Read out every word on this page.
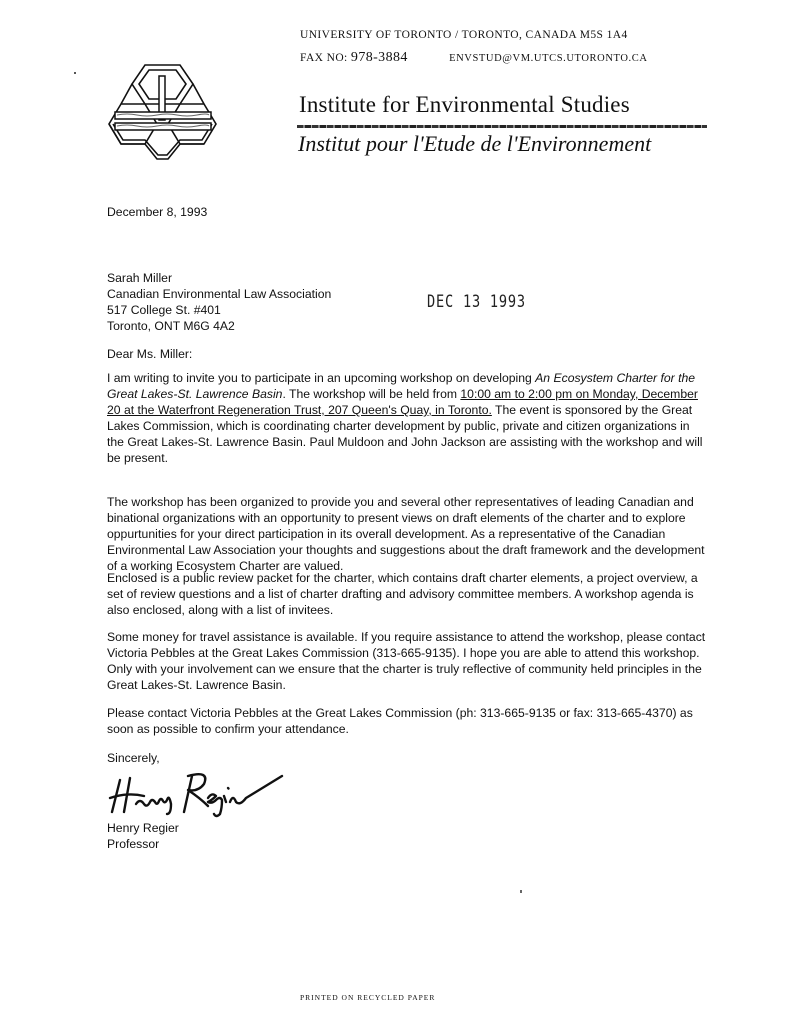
UNIVERSITY OF TORONTO / TORONTO, CANADA M5S 1A4
FAX NO: 978-3884	ENVSTUD@VM.UTCS.UTORONTO.CA
Institute for Environmental Studies
Institut pour l'Etude de l'Environnement
December 8, 1993
Sarah Miller
Canadian Environmental Law Association
517 College St. #401
Toronto, ONT M6G 4A2
DEC 13 1993
Dear Ms. Miller:

I am writing to invite you to participate in an upcoming workshop on developing An Ecosystem Charter for the Great Lakes-St. Lawrence Basin. The workshop will be held from 10:00 am to 2:00 pm on Monday, December 20 at the Waterfront Regeneration Trust, 207 Queen's Quay, in Toronto. The event is sponsored by the Great Lakes Commission, which is coordinating charter development by public, private and citizen organizations in the Great Lakes-St. Lawrence Basin. Paul Muldoon and John Jackson are assisting with the workshop and will be present.

The workshop has been organized to provide you and several other representatives of leading Canadian and binational organizations with an opportunity to present views on draft elements of the charter and to explore oppurtunities for your direct participation in its overall development. As a representative of the Canadian Environmental Law Association your thoughts and suggestions about the draft framework and the development of a working Ecosystem Charter are valued.

Enclosed is a public review packet for the charter, which contains draft charter elements, a project overview, a set of review questions and a list of charter drafting and advisory committee members. A workshop agenda is also enclosed, along with a list of invitees.

Some money for travel assistance is available. If you require assistance to attend the workshop, please contact Victoria Pebbles at the Great Lakes Commission (313-665-9135). I hope you are able to attend this workshop. Only with your involvement can we ensure that the charter is truly reflective of community held principles in the Great Lakes-St. Lawrence Basin.

Please contact Victoria Pebbles at the Great Lakes Commission (ph: 313-665-9135 or fax: 313-665-4370) as soon as possible to confirm your attendance.

Sincerely,
Henry Regier
Professor
PRINTED ON RECYCLED PAPER
